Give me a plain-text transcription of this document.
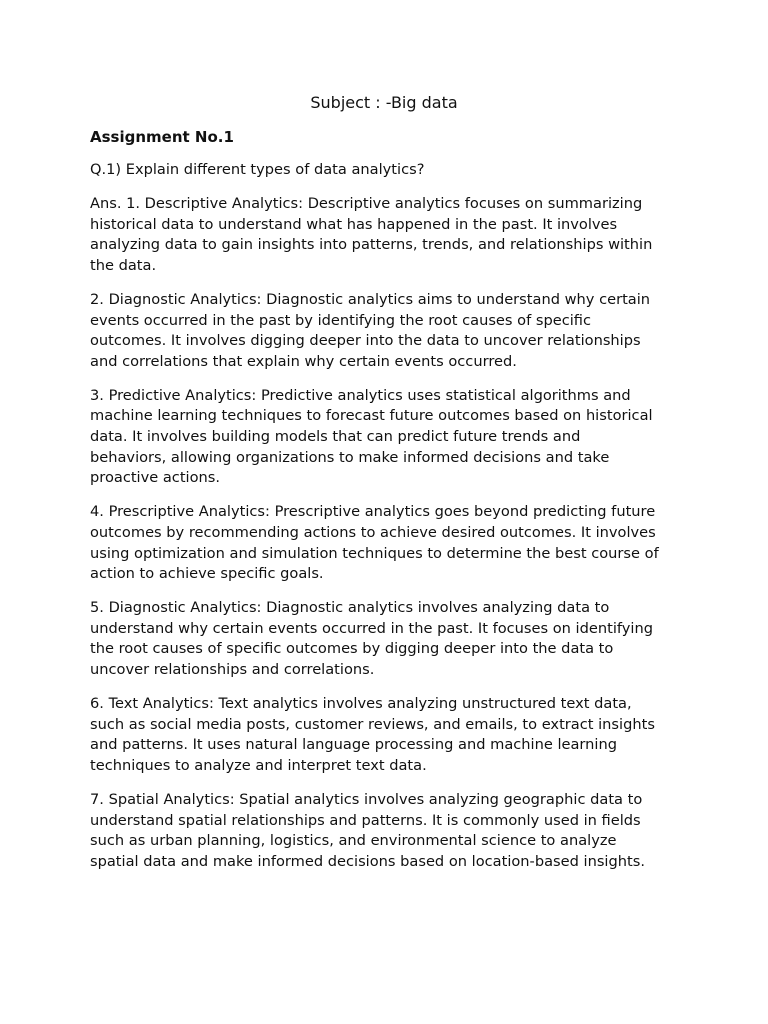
Subject : -Big data
Assignment No.1
Q.1) Explain different types of data analytics?
Ans. 1. Descriptive Analytics: Descriptive analytics focuses on summarizing
historical data to understand what has happened in the past. It involves
analyzing data to gain insights into patterns, trends, and relationships within
the data.
2. Diagnostic Analytics: Diagnostic analytics aims to understand why certain
events occurred in the past by identifying the root causes of specific
outcomes. It involves digging deeper into the data to uncover relationships
and correlations that explain why certain events occurred.
3. Predictive Analytics: Predictive analytics uses statistical algorithms and
machine learning techniques to forecast future outcomes based on historical
data. It involves building models that can predict future trends and
behaviors, allowing organizations to make informed decisions and take
proactive actions.
4. Prescriptive Analytics: Prescriptive analytics goes beyond predicting future
outcomes by recommending actions to achieve desired outcomes. It involves
using optimization and simulation techniques to determine the best course of
action to achieve specific goals.
5. Diagnostic Analytics: Diagnostic analytics involves analyzing data to
understand why certain events occurred in the past. It focuses on identifying
the root causes of specific outcomes by digging deeper into the data to
uncover relationships and correlations.
6. Text Analytics: Text analytics involves analyzing unstructured text data,
such as social media posts, customer reviews, and emails, to extract insights
and patterns. It uses natural language processing and machine learning
techniques to analyze and interpret text data.
7. Spatial Analytics: Spatial analytics involves analyzing geographic data to
understand spatial relationships and patterns. It is commonly used in fields
such as urban planning, logistics, and environmental science to analyze
spatial data and make informed decisions based on location-based insights.
